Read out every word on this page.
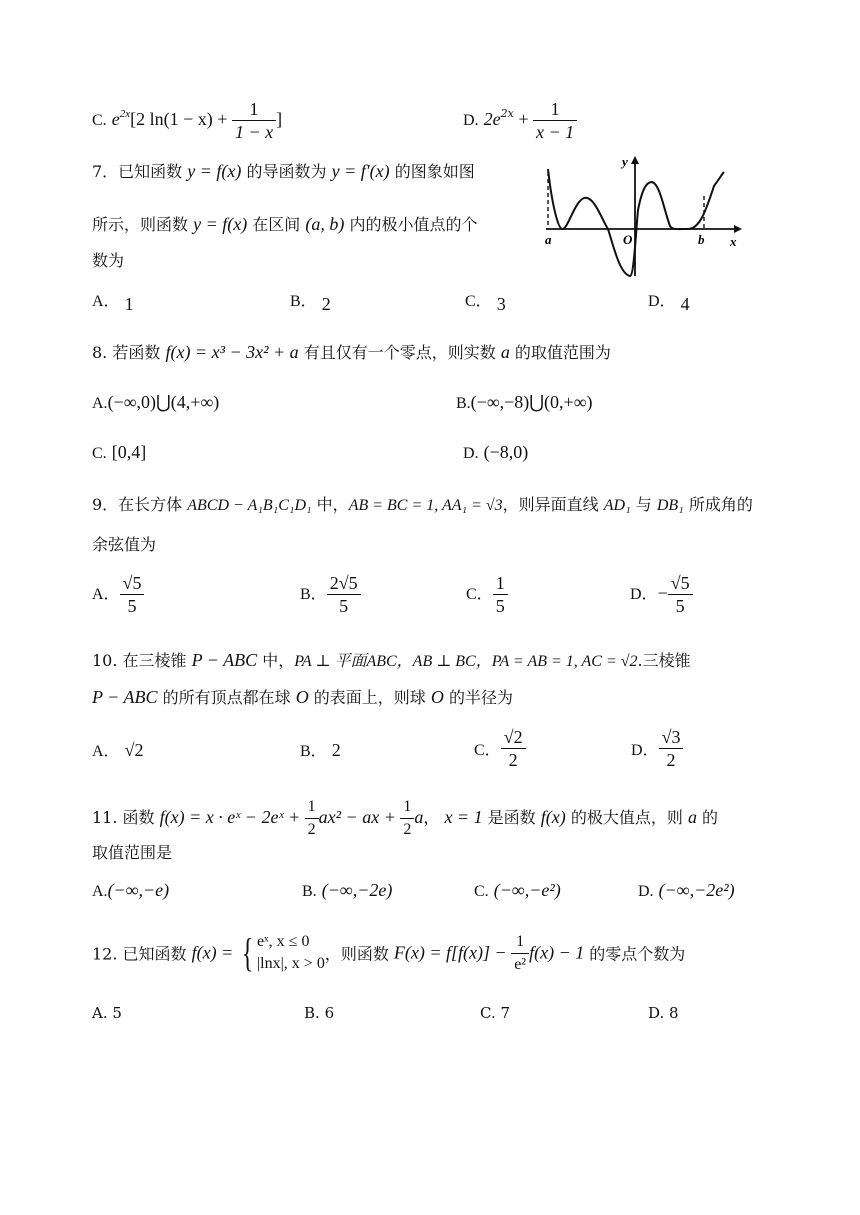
C. $e^{2x}[2$ $\ln(1 - x) + \frac{1}{1 - x}$ ]	D. $2e^{2x} + \frac{1}{x - 1}$
7．已知函数 y = f(x) 的导函数为 y = f′(x) 的图象如图
所示，则函数 y = f(x) 在区间 (a, b) 内的极小值点的个
数为
y
x
a	O	b
A． 1	B． 2	C． 3	D． 4
8. 若函数 f(x) = x³ − 3x² + a 有且仅有一个零点，则实数 a 的取值范围为
A.(−∞,0)⋃(4,+∞)	B.(−∞,−8)⋃(0,+∞)
C. [0,4]	D. (−8,0)
9．在长方体 ABCD − A₁B₁C₁D₁ 中，AB = BC = 1, AA₁ = √3，则异面直线 AD₁ 与 DB₁ 所成角的
余弦值为
A． $\frac{√5}{5}$	B． $\frac{2√5}{5}$	C． $\frac{1}{5}$	D．− $\frac{√5}{5}$
10. 在三棱锥 P − ABC 中，PA ⊥ 平面ABC，AB ⊥ BC，PA = AB = 1, AC = √2.三棱锥
P − ABC 的所有顶点都在球 O 的表面上，则球 O 的半径为
A． √2	B． 2	C． $\frac{√2}{2}$	D． $\frac{√3}{2}$
11. 函数 f(x) = x · eˣ − 2eˣ + $\frac{1}{2} ax^2$ − ax + $\frac{1}{2}$ a， x = 1 是函数 f(x) 的极大值点，则 a 的
取值范围是
A.(−∞,−e)	B. (−∞,−2e)	C. (−∞,−e²)	D. (−∞,−2e²)
12. 已知函数 f(x) = { eˣ, x ≤ 0
|lnx|, x > 0 ，则函数 $F(x) = f[f(x)] - \frac{1}{\text{e²}} f(x) - 1$ 的零点个数为
A. 5	B. 6	C. 7	D. 8
